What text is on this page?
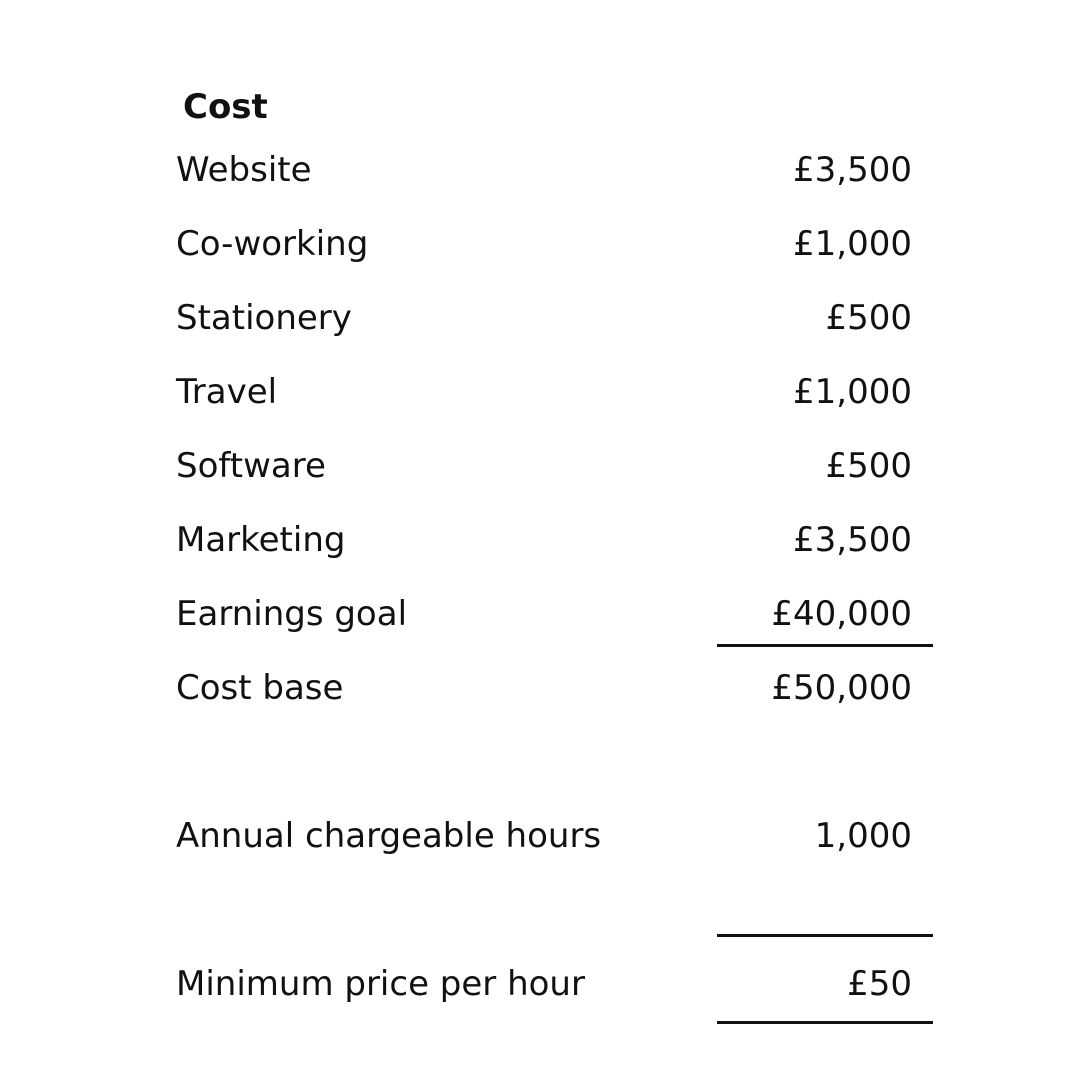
Cost
Website	£3,500
Co-working	£1,000
Stationery	£500
Travel	£1,000
Software	£500
Marketing	£3,500
Earnings goal	£40,000
Cost base	£50,000
Annual chargeable hours	1,000
Minimum price per hour	£50
